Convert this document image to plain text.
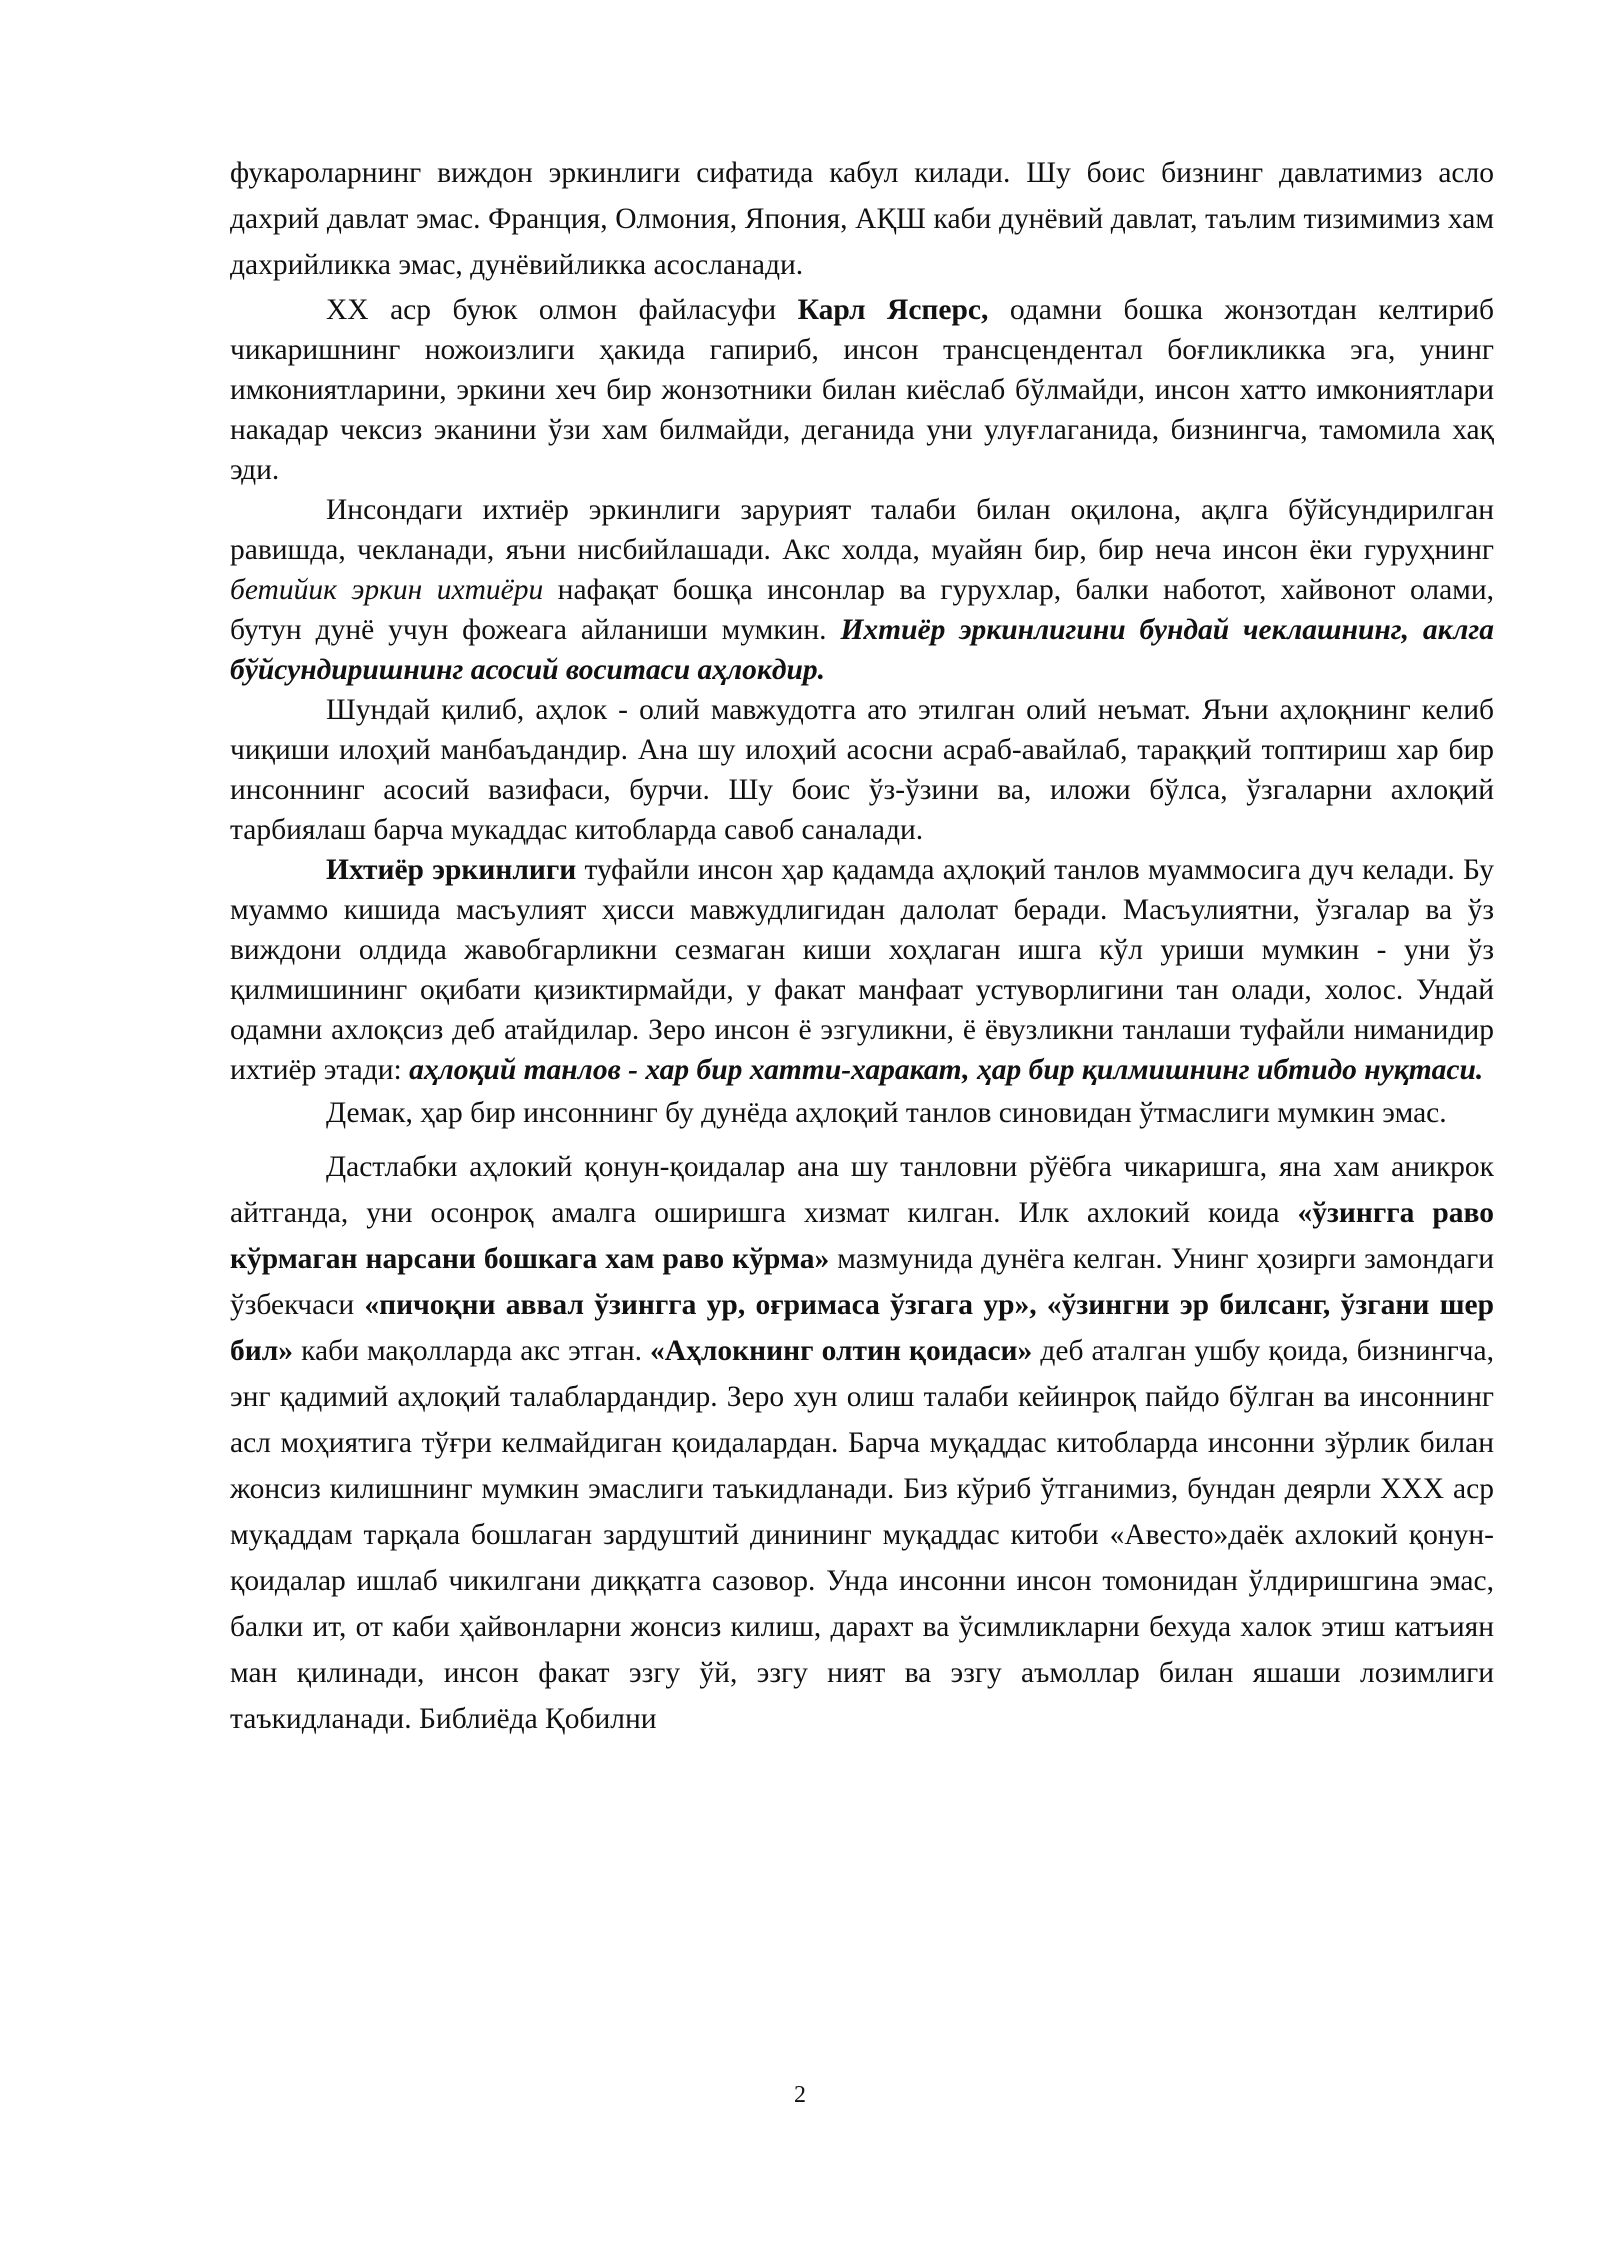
фукароларнинг виждон эркинлиги сифатида кабул килади. Шу боис бизнинг давлатимиз асло дахрий давлат эмас. Франция, Олмония, Япония, АҚШ каби дунёвий давлат, таълим тизимимиз хам дахрийликка эмас, дунёвийликка асосланади.

ХХ аср буюк олмон файласуфи Карл Ясперс, одамни бошка жонзотдан келтириб чикаришнинг ножоизлиги ҳакида гапириб, инсон трансцендентал боғликликка эга, унинг имкониятларини, эркини хеч бир жонзотники билан киёслаб бўлмайди, инсон хатто имкониятлари накадар чексиз эканини ўзи хам билмайди, деганида уни улуғлаганида, бизнингча, тамомила хақ эди.

Инсондаги ихтиёр эркинлиги зарурият талаби билан оқилона, ақлга бўйсундирилган равишда, чекланади, яъни нисбийлашади. Акс холда, муайян бир, бир неча инсон ёки гуруҳнинг бетийик эркин ихтиёри нафақат бошқа инсонлар ва гурухлар, балки наботот, хайвонот олами, бутун дунё учун фожеага айланиши мумкин. Ихтиёр эркинлигини бундай чеклашнинг, аклга бўйсундиришнинг асосий воситаси аҳлокдир.

Шундай қилиб, аҳлок - олий мавжудотга ато этилган олий неъмат. Яъни аҳлоқнинг келиб чиқиши илоҳий манбаъдандир. Ана шу илоҳий асосни асраб-авайлаб, тараққий топтириш хар бир инсоннинг асосий вазифаси, бурчи. Шу боис ўз-ўзини ва, иложи бўлса, ўзгаларни ахлоқий тарбиялаш барча мукаддас китобларда савоб саналади.

Ихтиёр эркинлиги туфайли инсон ҳар қадамда аҳлоқий танлов муаммосига дуч келади. Бу муаммо кишида масъулият ҳисси мавжудлигидан далолат беради. Масъулиятни, ўзгалар ва ўз виждони олдида жавобгарликни сезмаган киши хоҳлаган ишга кўл уриши мумкин - уни ўз қилмишининг оқибати қизиктирмайди, у факат манфаат устуворлигини тан олади, холос. Ундай одамни ахлоқсиз деб атайдилар. Зеро инсон ё эзгуликни, ё ёвузликни танлаши туфайли ниманидир ихтиёр этади: аҳлоқий танлов - хар бир хатти-харакат, ҳар бир қилмишнинг ибтидо нуқтаси.

Демак, ҳар бир инсоннинг бу дунёда аҳлоқий танлов синовидан ўтмаслиги мумкин эмас.

Дастлабки аҳлокий қонун-қоидалар ана шу танловни рўёбга чикаришга, яна хам аникрок айтганда, уни осонроқ амалга оширишга хизмат килган. Илк ахлокий коида «ўзингга раво кўрмаган нарсани бошкага хам раво кўрма» мазмунида дунёга келган. Унинг ҳозирги замондаги ўзбекчаси «пичоқни аввал ўзингга ур, оғримаса ўзгага ур», «ўзингни эр билсанг, ўзгани шер бил» каби мақолларда акс этган. «Аҳлокнинг олтин қоидаси» деб аталган ушбу қоида, бизнингча, энг қадимий аҳлоқий талаблардандир. Зеро хун олиш талаби кейинроқ пайдо бўлган ва инсоннинг асл моҳиятига тўғри келмайдиган қоидалардан. Барча муқаддас китобларда инсонни зўрлик билан жонсиз килишнинг мумкин эмаслиги таъкидланади. Биз кўриб ўтганимиз, бундан деярли ХХХ аср муқаддам тарқала бошлаган зардуштий динининг муқаддас китоби «Авесто»даёк ахлокий қонун-қоидалар ишлаб чикилгани диққатга сазовор. Унда инсонни инсон томонидан ўлдиришгина эмас, балки ит, от каби ҳайвонларни жонсиз килиш, дарахт ва ўсимликларни бехуда халок этиш катъиян ман қилинади, инсон факат эзгу ўй, эзгу ният ва эзгу аъмоллар билан яшаши лозимлиги таъкидланади. Библиёда Қобилни

2
